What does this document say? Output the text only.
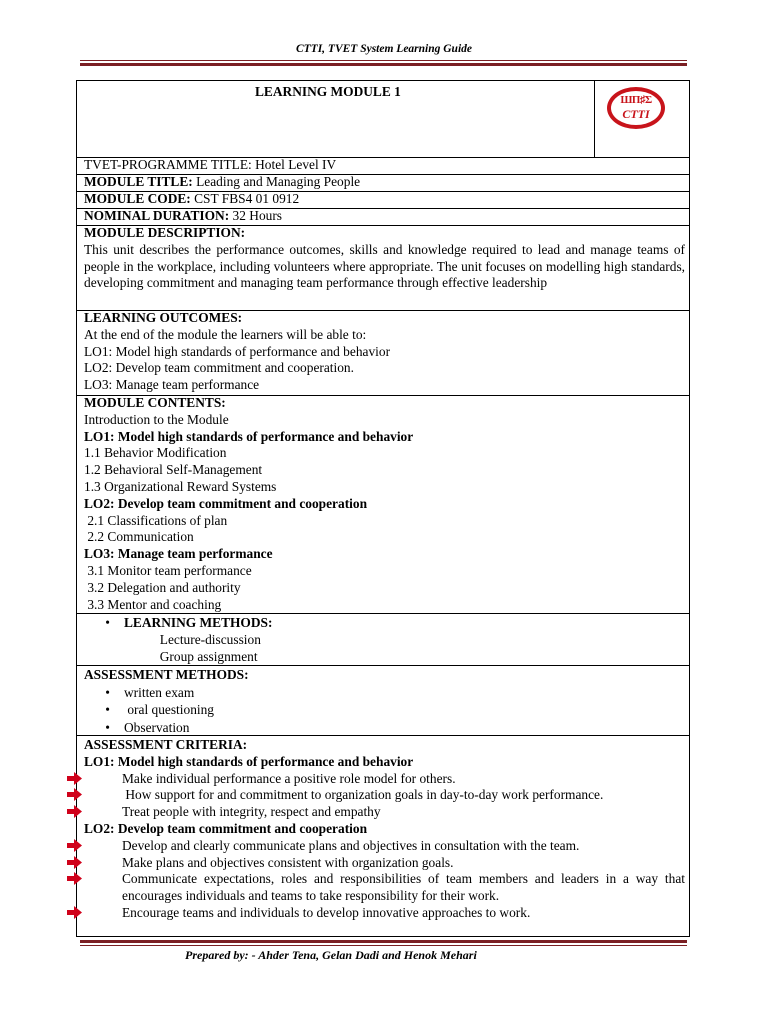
CTTI, TVET System Learning Guide
LEARNING MODULE 1
ШΠ♯Σ
CTTI
TVET-PROGRAMME TITLE: Hotel Level IV
MODULE TITLE: Leading and Managing People
MODULE CODE: CST FBS4 01 0912
NOMINAL DURATION: 32 Hours
MODULE DESCRIPTION:
This unit describes the performance outcomes, skills and knowledge required to lead and manage teams of people in the workplace, including volunteers where appropriate. The unit focuses on modelling high standards, developing commitment and managing team performance through effective leadership
LEARNING OUTCOMES:
At the end of the module the learners will be able to:
LO1: Model high standards of performance and behavior
LO2: Develop team commitment and cooperation.
LO3: Manage team performance
MODULE CONTENTS:
Introduction to the Module
LO1: Model high standards of performance and behavior
1.1 Behavior Modification
1.2 Behavioral Self-Management
1.3 Organizational Reward Systems
LO2: Develop team commitment and cooperation
2.1 Classifications of plan
2.2 Communication
LO3: Manage team performance
3.1 Monitor team performance
3.2 Delegation and authority
3.3 Mentor and coaching
• LEARNING METHODS:
Lecture-discussion
Group assignment
ASSESSMENT METHODS:
• written exam
• oral questioning
• Observation
ASSESSMENT CRITERIA:
LO1: Model high standards of performance and behavior
Make individual performance a positive role model for others.
How support for and commitment to organization goals in day-to-day work performance.
Treat people with integrity, respect and empathy
LO2: Develop team commitment and cooperation
Develop and clearly communicate plans and objectives in consultation with the team.
Make plans and objectives consistent with organization goals.
Communicate expectations, roles and responsibilities of team members and leaders in a way that encourages individuals and teams to take responsibility for their work.
Encourage teams and individuals to develop innovative approaches to work.
Prepared by: - Ahder Tena, Gelan Dadi and Henok Mehari
